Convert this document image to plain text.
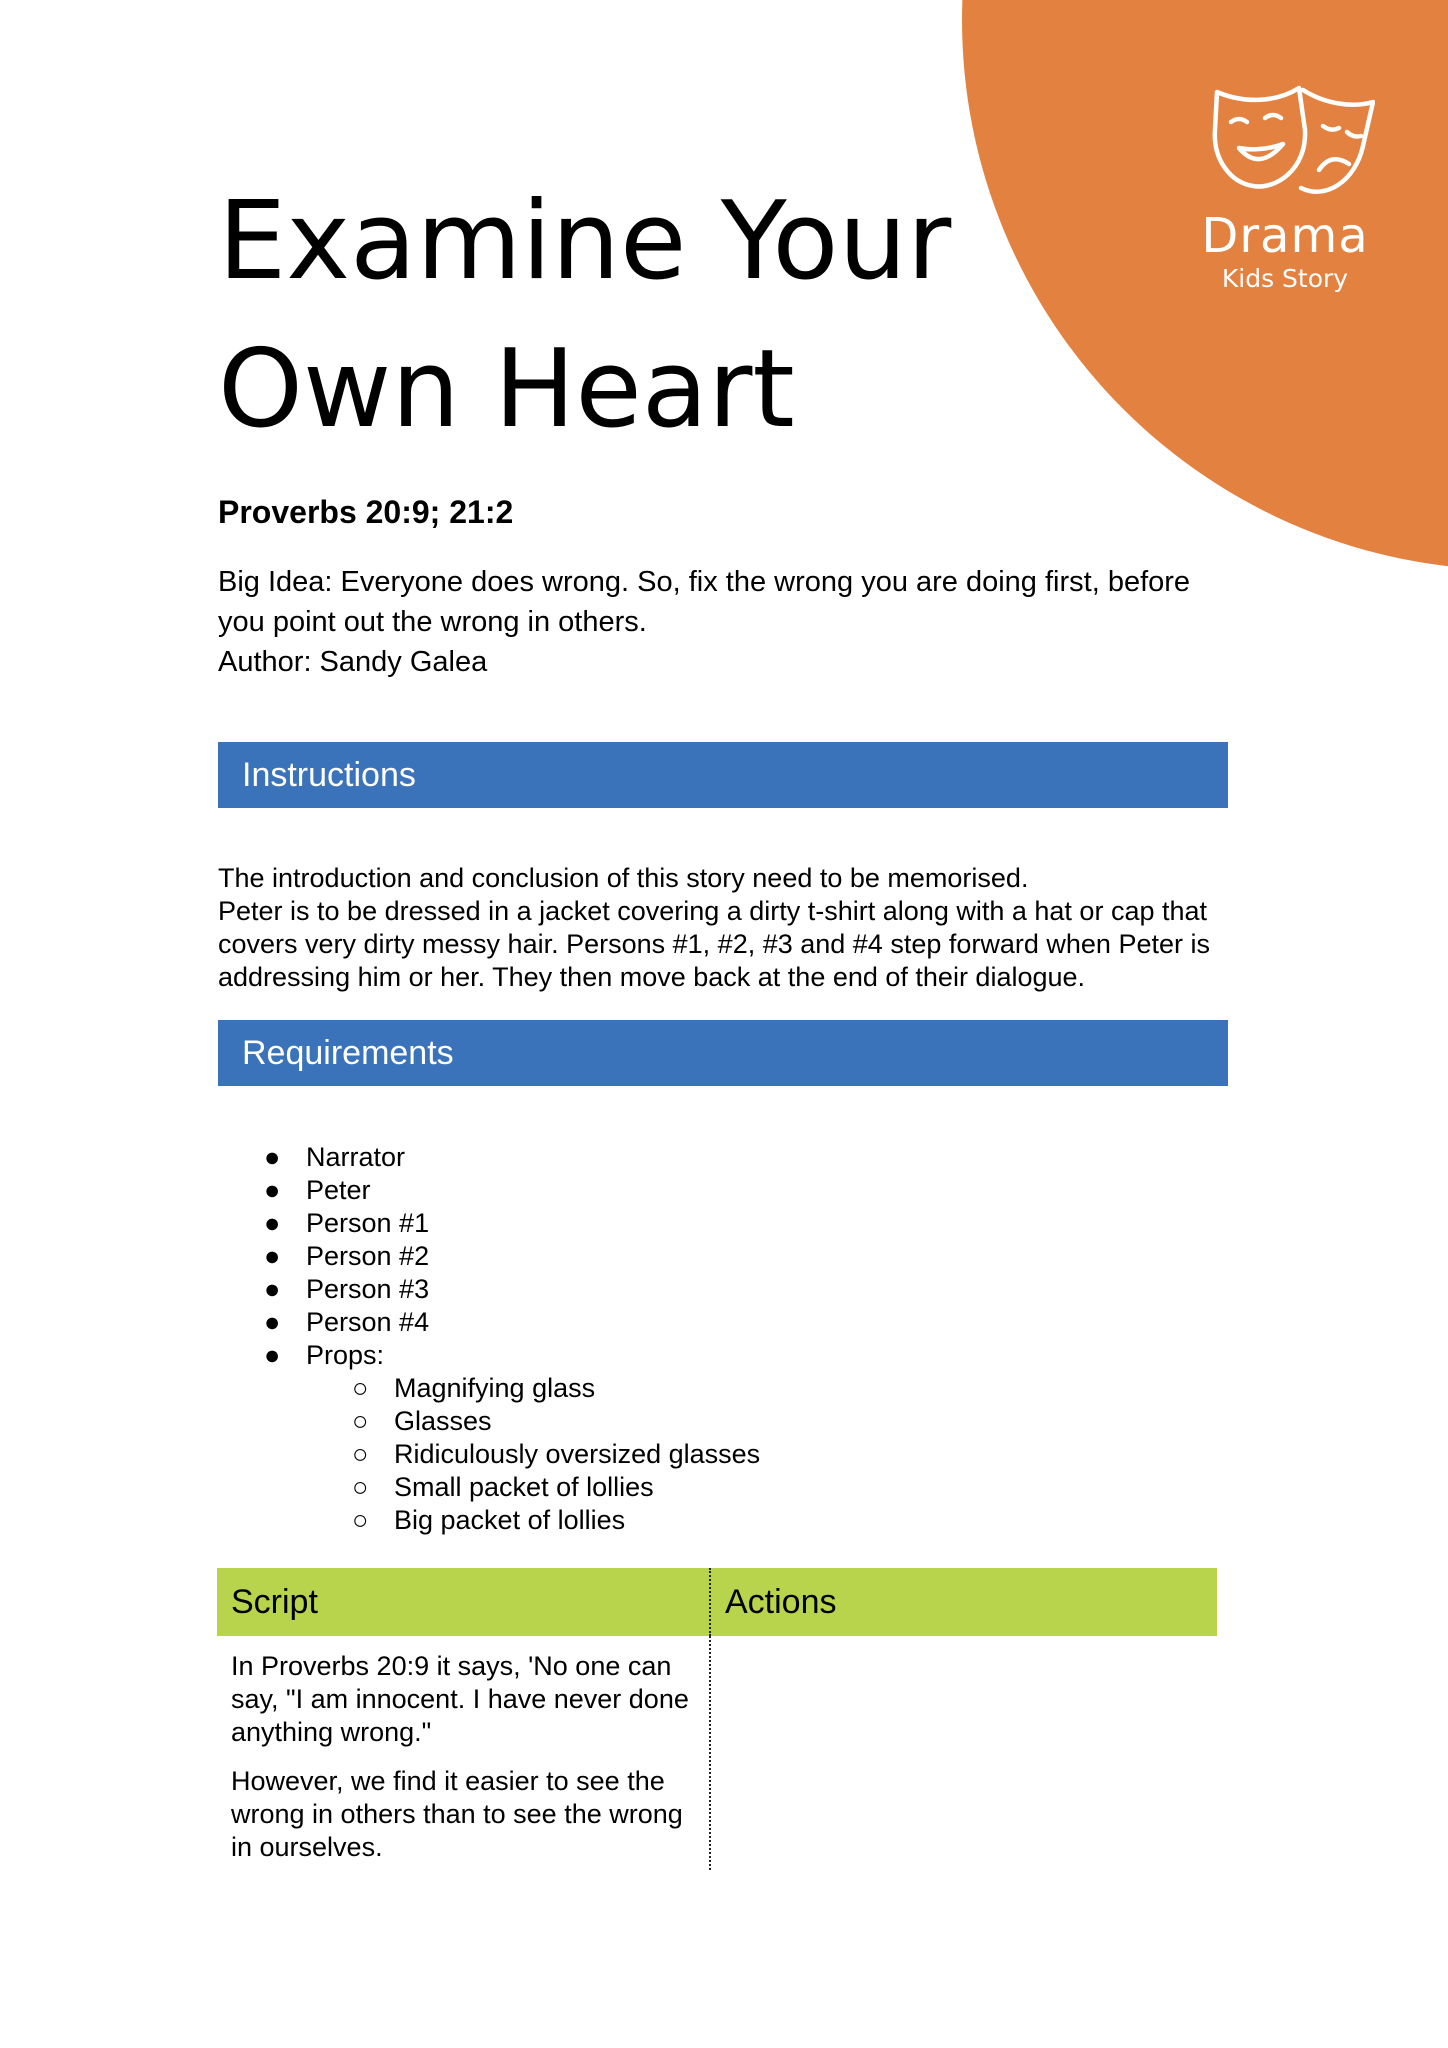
Drama
Kids Story
Examine Your
Own Heart
Proverbs 20:9; 21:2

Big Idea: Everyone does wrong. So, fix the wrong you are doing first, before you point out the wrong in others.

Author: Sandy Galea

Instructions

The introduction and conclusion of this story need to be memorised.

Peter is to be dressed in a jacket covering a dirty t-shirt along with a hat or cap that covers very dirty messy hair. Persons #1, #2, #3 and #4 step forward when Peter is addressing him or her. They then move back at the end of their dialogue.

Requirements
● Narrator
● Peter
● Person #1
● Person #2
● Person #3
● Person #4
● Props:
○ Magnifying glass
○ Glasses
○ Ridiculously oversized glasses
○ Small packet of lollies
○ Big packet of lollies
Script	Actions

In Proverbs 20:9 it says, 'No one can say, "I am innocent. I have never done anything wrong."

However, we find it easier to see the wrong in others than to see the wrong in ourselves.
